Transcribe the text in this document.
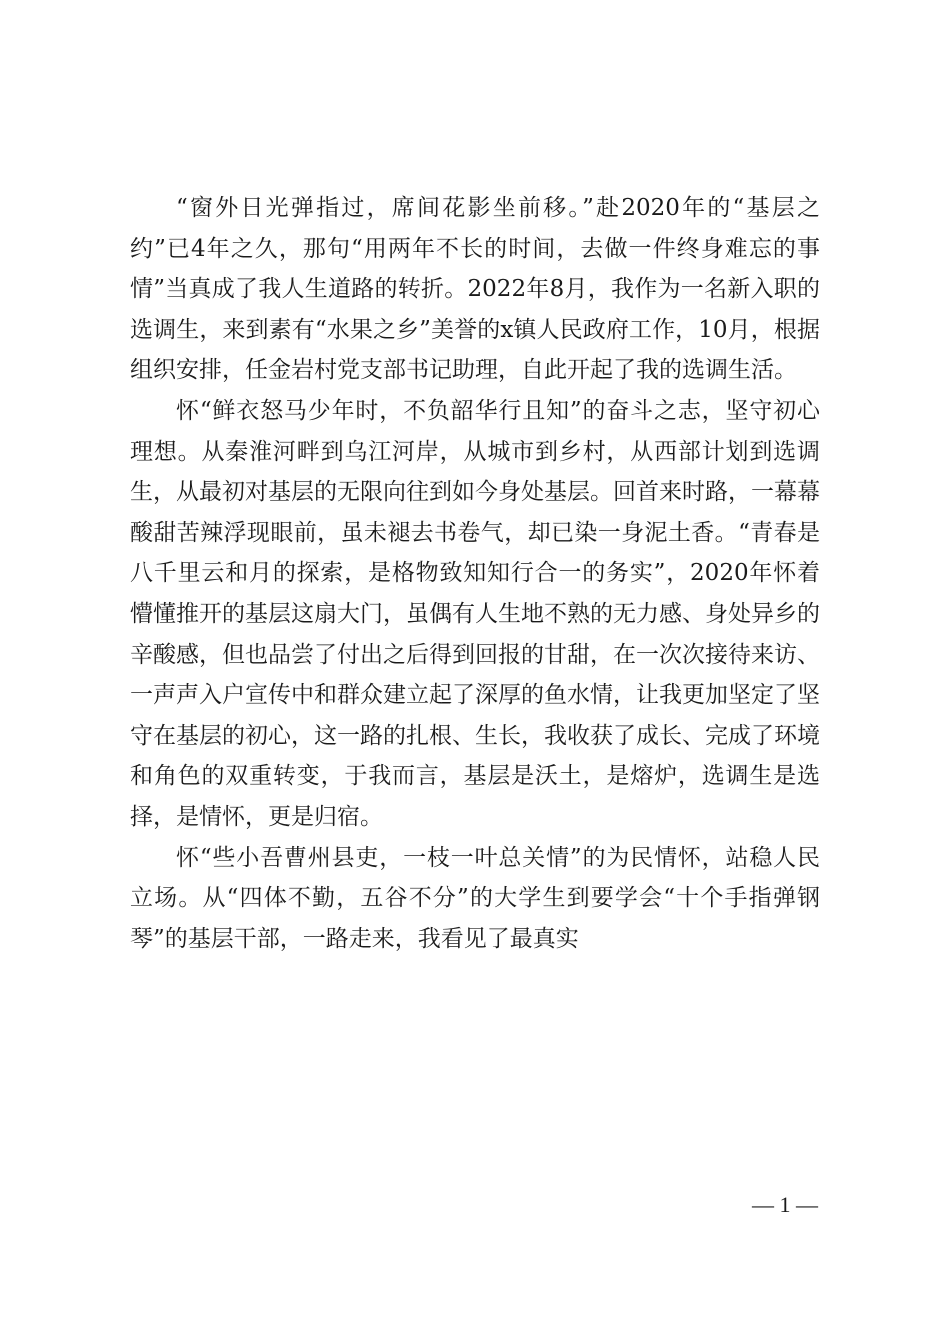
“窗外日光弹指过，席间花影坐前移。”赴2020年的“基层之约”已4年之久，那句“用两年不长的时间，去做一件终身难忘的事情”当真成了我人生道路的转折。2022年8月，我作为一名新入职的选调生，来到素有“水果之乡”美誉的x镇人民政府工作，10月，根据组织安排，任金岩村党支部书记助理，自此开起了我的选调生活。

怀“鲜衣怒马少年时，不负韶华行且知”的奋斗之志，坚守初心理想。从秦淮河畔到乌江河岸，从城市到乡村，从西部计划到选调生，从最初对基层的无限向往到如今身处基层。回首来时路，一幕幕酸甜苦辣浮现眼前，虽未褪去书卷气，却已染一身泥土香。“青春是八千里云和月的探索，是格物致知知行合一的务实”，2020年怀着懵懂推开的基层这扇大门，虽偶有人生地不熟的无力感、身处异乡的辛酸感，但也品尝了付出之后得到回报的甘甜，在一次次接待来访、一声声入户宣传中和群众建立起了深厚的鱼水情，让我更加坚定了坚守在基层的初心，这一路的扎根、生长，我收获了成长、完成了环境和角色的双重转变，于我而言，基层是沃土，是熔炉，选调生是选择，是情怀，更是归宿。

怀“些小吾曹州县吏，一枝一叶总关情”的为民情怀，站稳人民立场。从“四体不勤，五谷不分”的大学生到要学会“十个手指弹钢琴”的基层干部，一路走来，我看见了最真实

— 1 —
